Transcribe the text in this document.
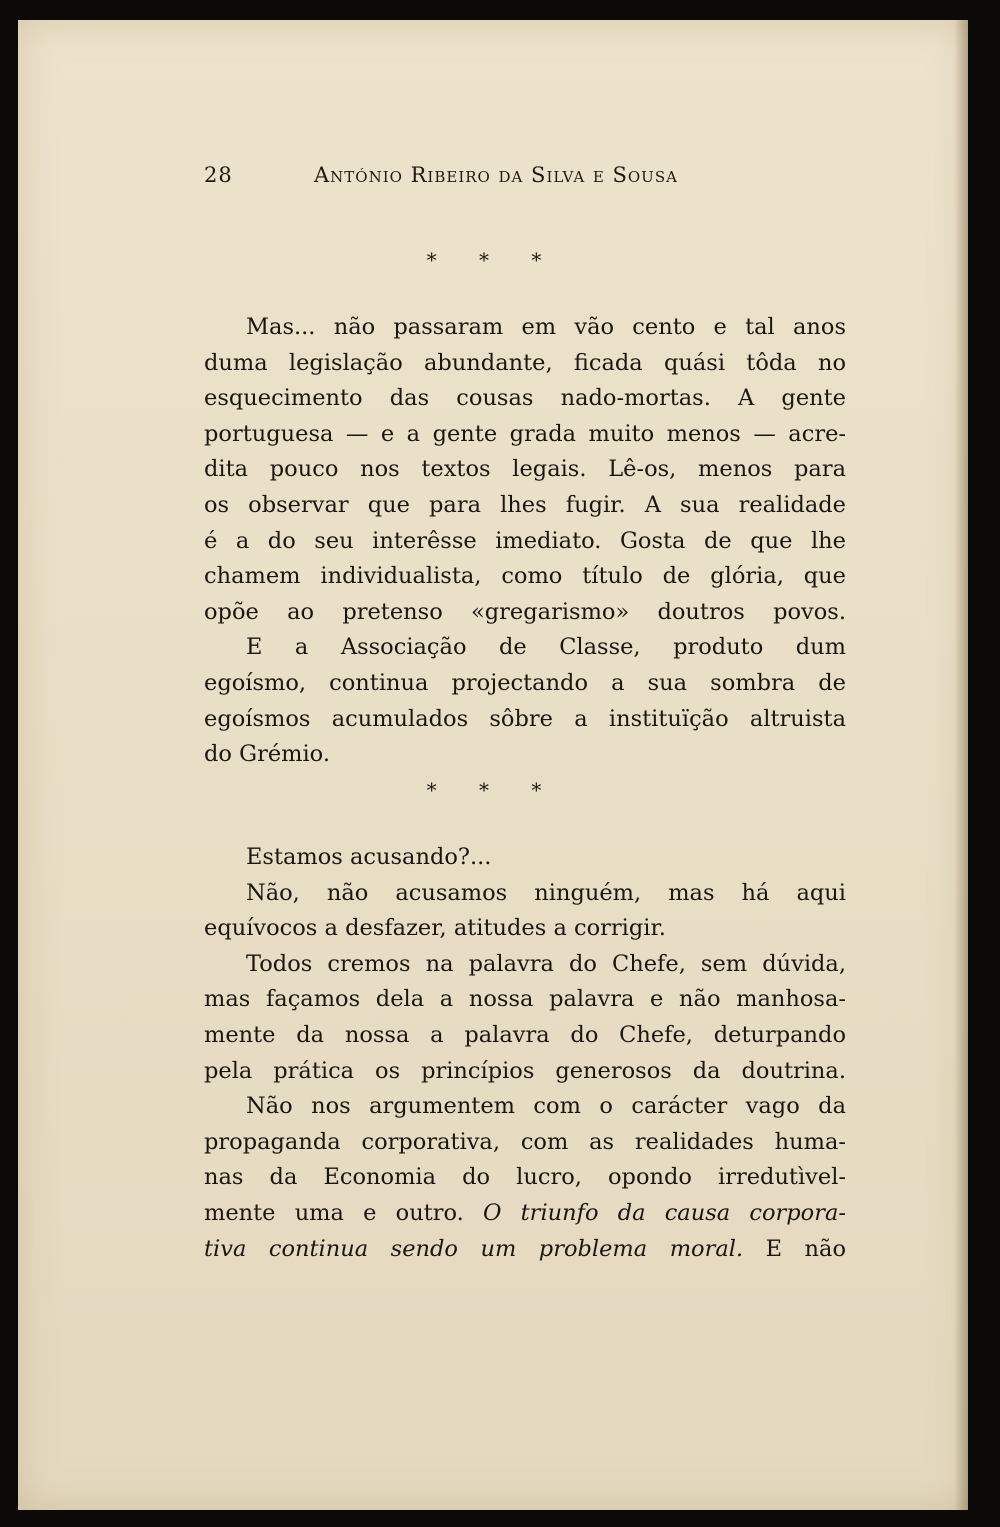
28	António Ribeiro da Silva e Sousa
* * *
Mas... não passaram em vão cento e tal anos
duma legislação abundante, ficada quási tôda no
esquecimento das cousas nado-mortas. A gente
portuguesa — e a gente grada muito menos — acre-
dita pouco nos textos legais. Lê-os, menos para
os observar que para lhes fugir. A sua realidade
é a do seu interêsse imediato. Gosta de que lhe
chamem individualista, como título de glória, que
opõe ao pretenso «gregarismo» doutros povos.
E a Associação de Classe, produto dum
egoísmo, continua projectando a sua sombra de
egoísmos acumulados sôbre a instituïção altruista
do Grémio.
* * *
Estamos acusando?...
Não, não acusamos ninguém, mas há aqui
equívocos a desfazer, atitudes a corrigir.
Todos cremos na palavra do Chefe, sem dúvida,
mas façamos dela a nossa palavra e não manhosa-
mente da nossa a palavra do Chefe, deturpando
pela prática os princípios generosos da doutrina.
Não nos argumentem com o carácter vago da
propaganda corporativa, com as realidades huma-
nas da Economia do lucro, opondo irredutìvel-
mente uma e outro. O triunfo da causa corpora-
tiva continua sendo um problema moral. E não
